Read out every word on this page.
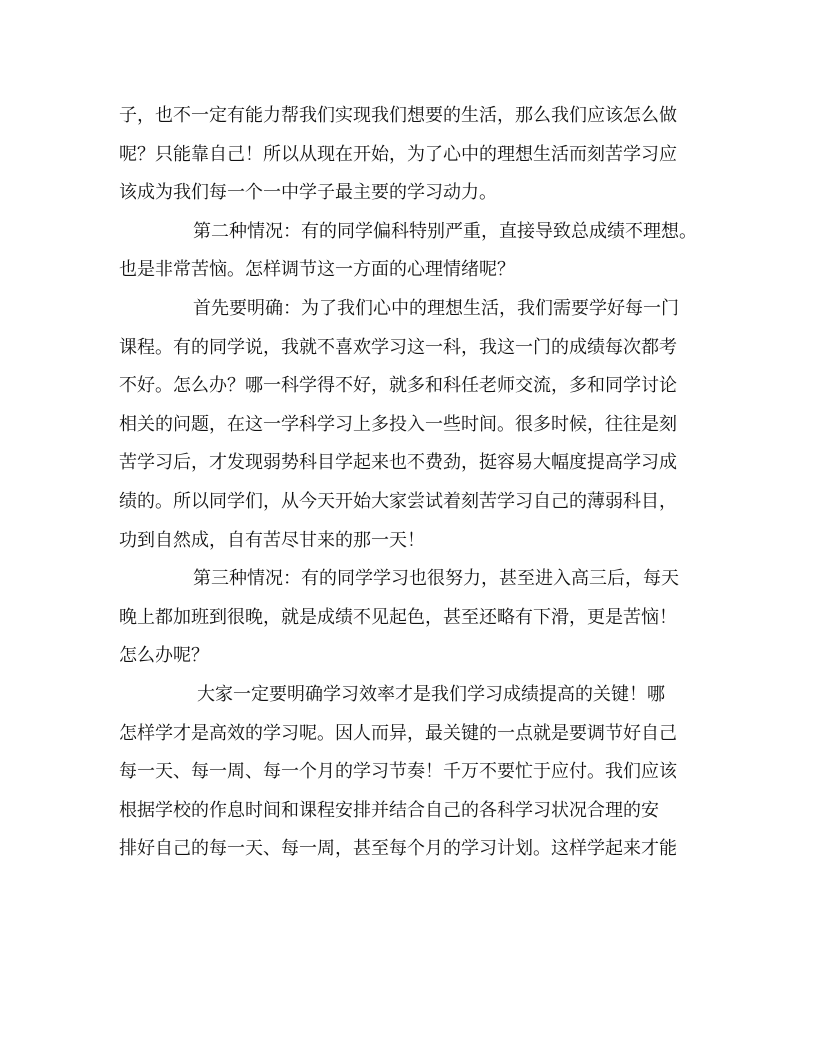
子，也不一定有能力帮我们实现我们想要的生活，那么我们应该怎么做
呢？只能靠自己！所以从现在开始，为了心中的理想生活而刻苦学习应
该成为我们每一个一中学子最主要的学习动力。
第二种情况：有的同学偏科特别严重，直接导致总成绩不理想。
也是非常苦恼。怎样调节这一方面的心理情绪呢？
首先要明确：为了我们心中的理想生活，我们需要学好每一门
课程。有的同学说，我就不喜欢学习这一科，我这一门的成绩每次都考
不好。怎么办？哪一科学得不好，就多和科任老师交流，多和同学讨论
相关的问题，在这一学科学习上多投入一些时间。很多时候，往往是刻
苦学习后，才发现弱势科目学起来也不费劲，挺容易大幅度提高学习成
绩的。所以同学们，从今天开始大家尝试着刻苦学习自己的薄弱科目，
功到自然成，自有苦尽甘来的那一天！
第三种情况：有的同学学习也很努力，甚至进入高三后，每天
晚上都加班到很晚，就是成绩不见起色，甚至还略有下滑，更是苦恼！
怎么办呢？
大家一定要明确学习效率才是我们学习成绩提高的关键！哪
怎样学才是高效的学习呢。因人而异，最关键的一点就是要调节好自己
每一天、每一周、每一个月的学习节奏！千万不要忙于应付。我们应该
根据学校的作息时间和课程安排并结合自己的各科学习状况合理的安
排好自己的每一天、每一周，甚至每个月的学习计划。这样学起来才能
